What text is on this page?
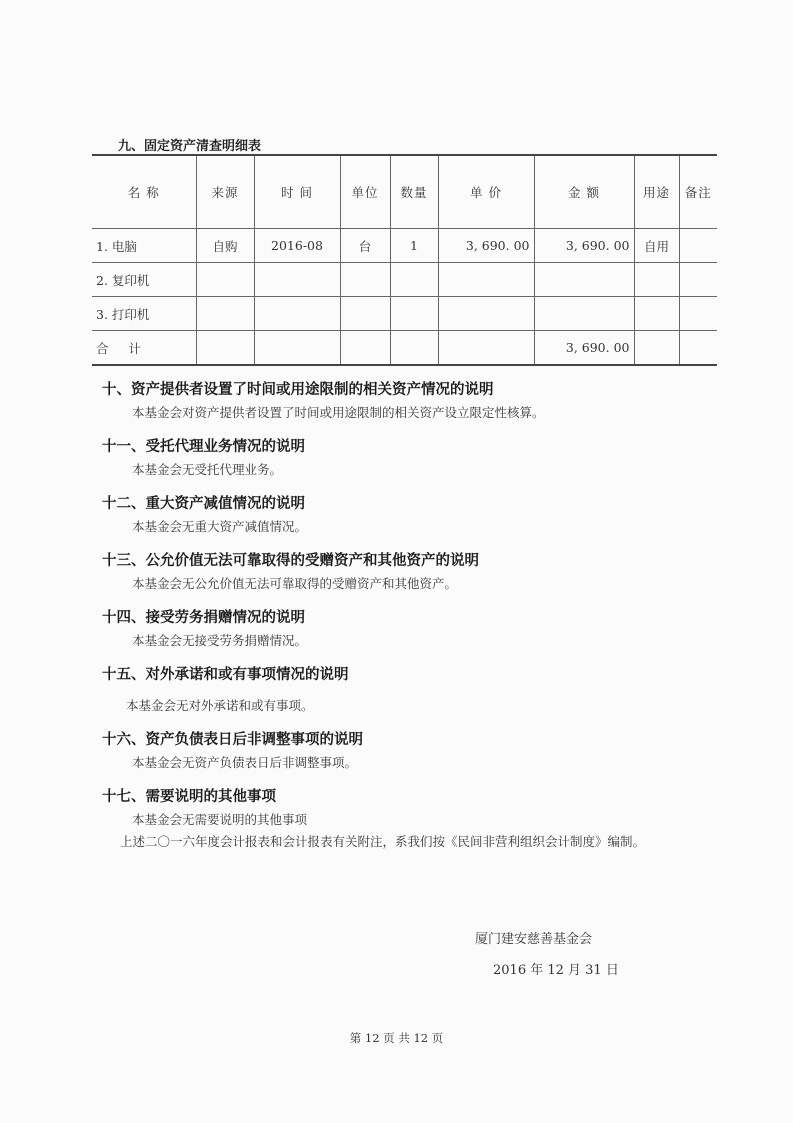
九、固定资产清查明细表
名 称	来源	时 间	单位	数量	单 价	金 额	用途	备注
1. 电脑	自购	2016-08	台	1	3, 690. 00	3, 690. 00	自用	
2. 复印机								
3. 打印机								
合 计						3, 690. 00		
十、资产提供者设置了时间或用途限制的相关资产情况的说明

本基金会对资产提供者设置了时间或用途限制的相关资产设立限定性核算。

十一、受托代理业务情况的说明

本基金会无受托代理业务。

十二、重大资产减值情况的说明

本基金会无重大资产减值情况。

十三、公允价值无法可靠取得的受赠资产和其他资产的说明

本基金会无公允价值无法可靠取得的受赠资产和其他资产。

十四、接受劳务捐赠情况的说明

本基金会无接受劳务捐赠情况。

十五、对外承诺和或有事项情况的说明

本基金会无对外承诺和或有事项。

十六、资产负债表日后非调整事项的说明

本基金会无资产负债表日后非调整事项。

十七、需要说明的其他事项

本基金会无需要说明的其他事项

上述二〇一六年度会计报表和会计报表有关附注，系我们按《民间非营利组织会计制度》编制。

厦门建安慈善基金会
2016 年 12 月 31 日
第 12 页 共 12 页
